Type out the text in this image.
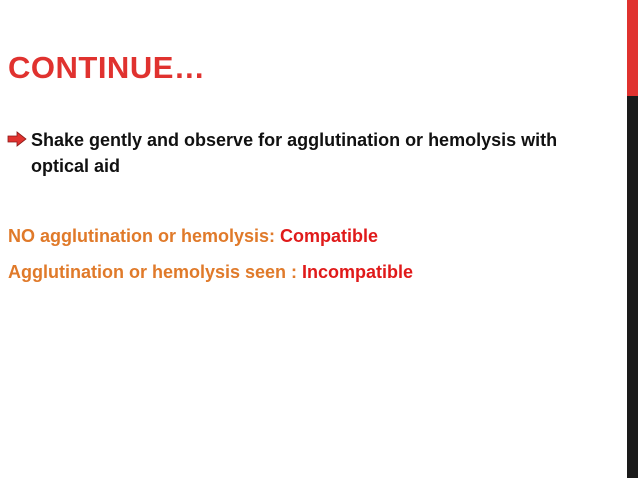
CONTINUE…
Shake gently and observe for agglutination or hemolysis with optical aid

NO agglutination or hemolysis: Compatible

Agglutination or hemolysis seen : Incompatible
